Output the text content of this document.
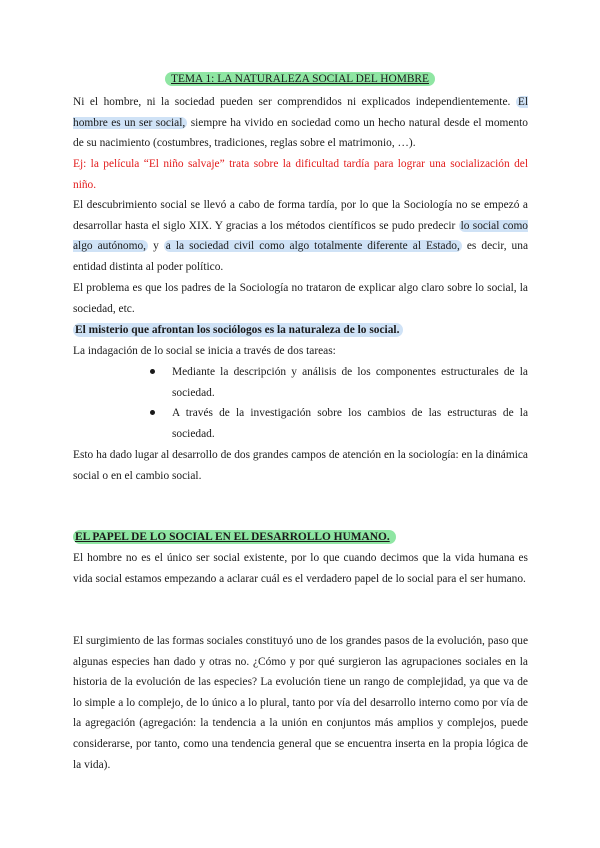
TEMA 1: LA NATURALEZA SOCIAL DEL HOMBRE

Ni el hombre, ni la sociedad pueden ser comprendidos ni explicados independientemente. El hombre es un ser social, siempre ha vivido en sociedad como un hecho natural desde el momento de su nacimiento (costumbres, tradiciones, reglas sobre el matrimonio, …).

Ej: la película “El niño salvaje” trata sobre la dificultad tardía para lograr una socialización del niño.

El descubrimiento social se llevó a cabo de forma tardía, por lo que la Sociología no se empezó a desarrollar hasta el siglo XIX. Y gracias a los métodos científicos se pudo predecir lo social como algo autónomo, y a la sociedad civil como algo totalmente diferente al Estado, es decir, una entidad distinta al poder político.

El problema es que los padres de la Sociología no trataron de explicar algo claro sobre lo social, la sociedad, etc.

El misterio que afrontan los sociólogos es la naturaleza de lo social.

La indagación de lo social se inicia a través de dos tareas:

Mediante la descripción y análisis de los componentes estructurales de la sociedad.
A través de la investigación sobre los cambios de las estructuras de la sociedad.

Esto ha dado lugar al desarrollo de dos grandes campos de atención en la sociología: en la dinámica social o en el cambio social.

EL PAPEL DE LO SOCIAL EN EL DESARROLLO HUMANO.

El hombre no es el único ser social existente, por lo que cuando decimos que la vida humana es vida social estamos empezando a aclarar cuál es el verdadero papel de lo social para el ser humano.

El surgimiento de las formas sociales constituyó uno de los grandes pasos de la evolución, paso que algunas especies han dado y otras no. ¿Cómo y por qué surgieron las agrupaciones sociales en la historia de la evolución de las especies? La evolución tiene un rango de complejidad, ya que va de lo simple a lo complejo, de lo único a lo plural, tanto por vía del desarrollo interno como por vía de la agregación (agregación: la tendencia a la unión en conjuntos más amplios y complejos, puede considerarse, por tanto, como una tendencia general que se encuentra inserta en la propia lógica de la vida).
